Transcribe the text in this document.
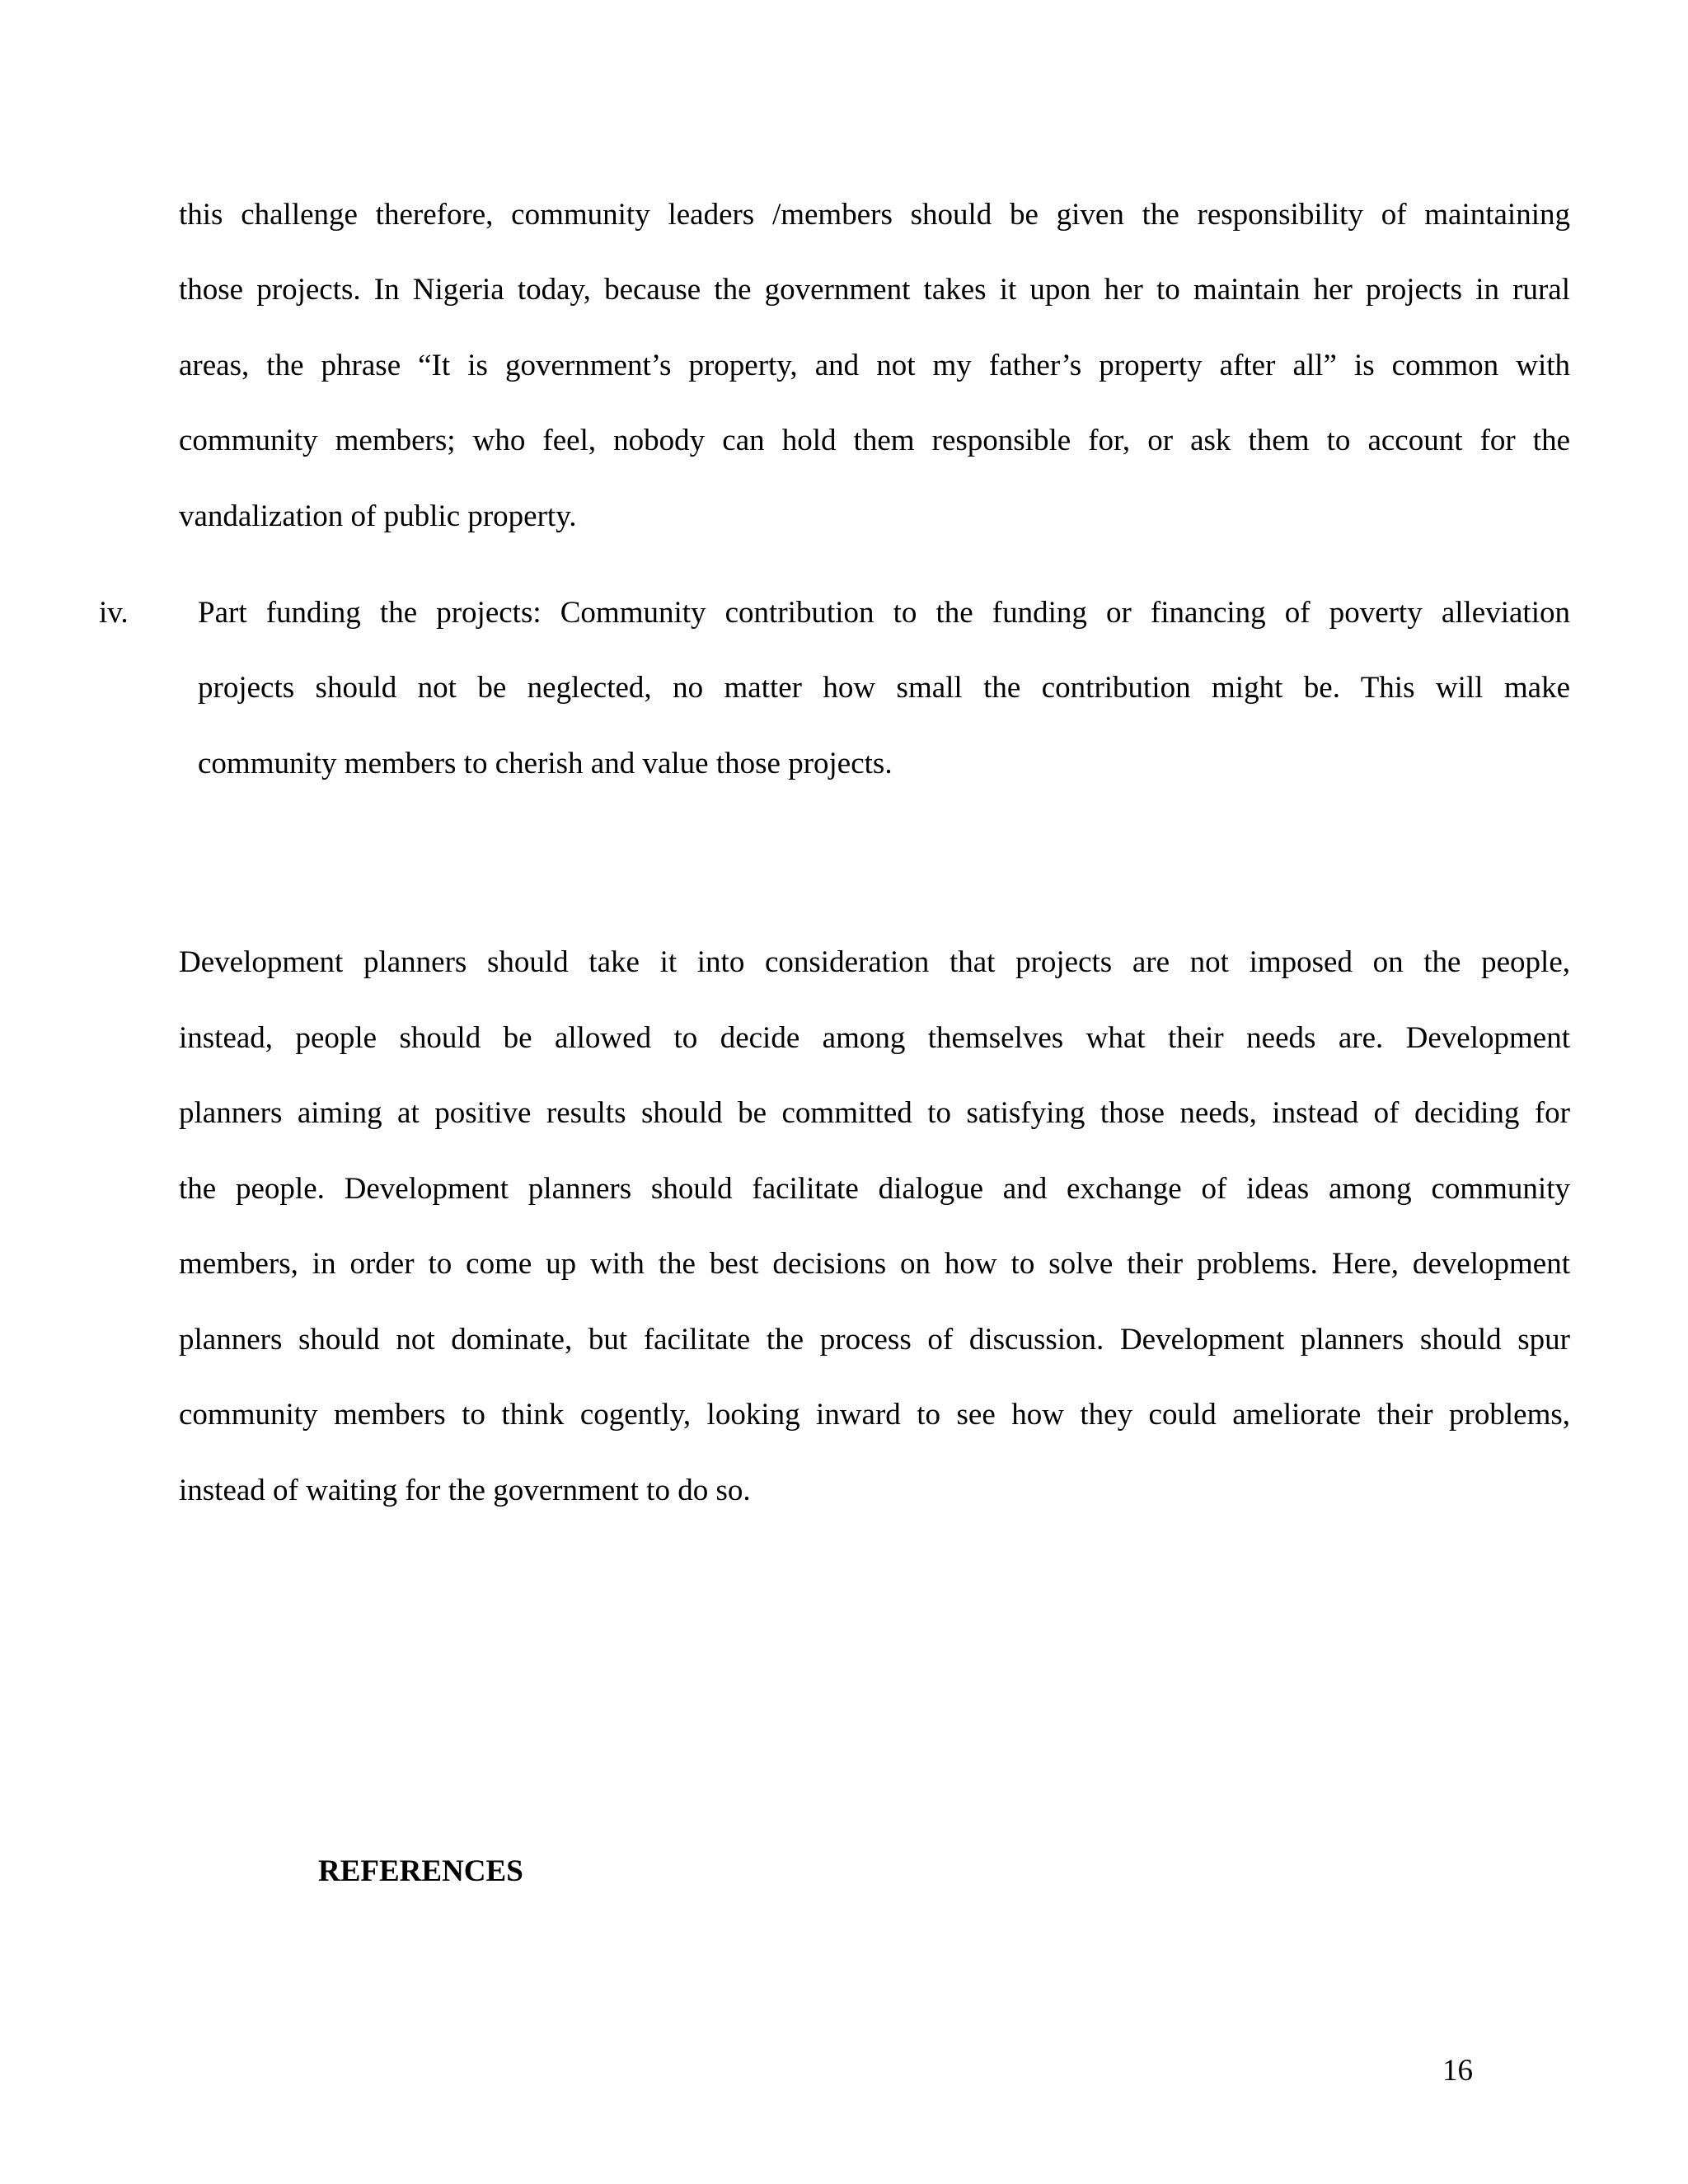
this challenge therefore, community leaders /members should be given the responsibility of maintaining
those projects. In Nigeria today, because the government takes it upon her to maintain her projects in rural
areas, the phrase “It is government’s property, and not my father’s property after all” is common with
community members; who feel, nobody can hold them responsible for, or ask them to account for the
vandalization of public property.
iv. Part funding the projects: Community contribution to the funding or financing of poverty alleviation
projects should not be neglected, no matter how small the contribution might be. This will make
community members to cherish and value those projects.
Development planners should take it into consideration that projects are not imposed on the people,
instead, people should be allowed to decide among themselves what their needs are. Development
planners aiming at positive results should be committed to satisfying those needs, instead of deciding for
the people. Development planners should facilitate dialogue and exchange of ideas among community
members, in order to come up with the best decisions on how to solve their problems. Here, development
planners should not dominate, but facilitate the process of discussion. Development planners should spur
community members to think cogently, looking inward to see how they could ameliorate their problems,
instead of waiting for the government to do so.
REFERENCES
16
